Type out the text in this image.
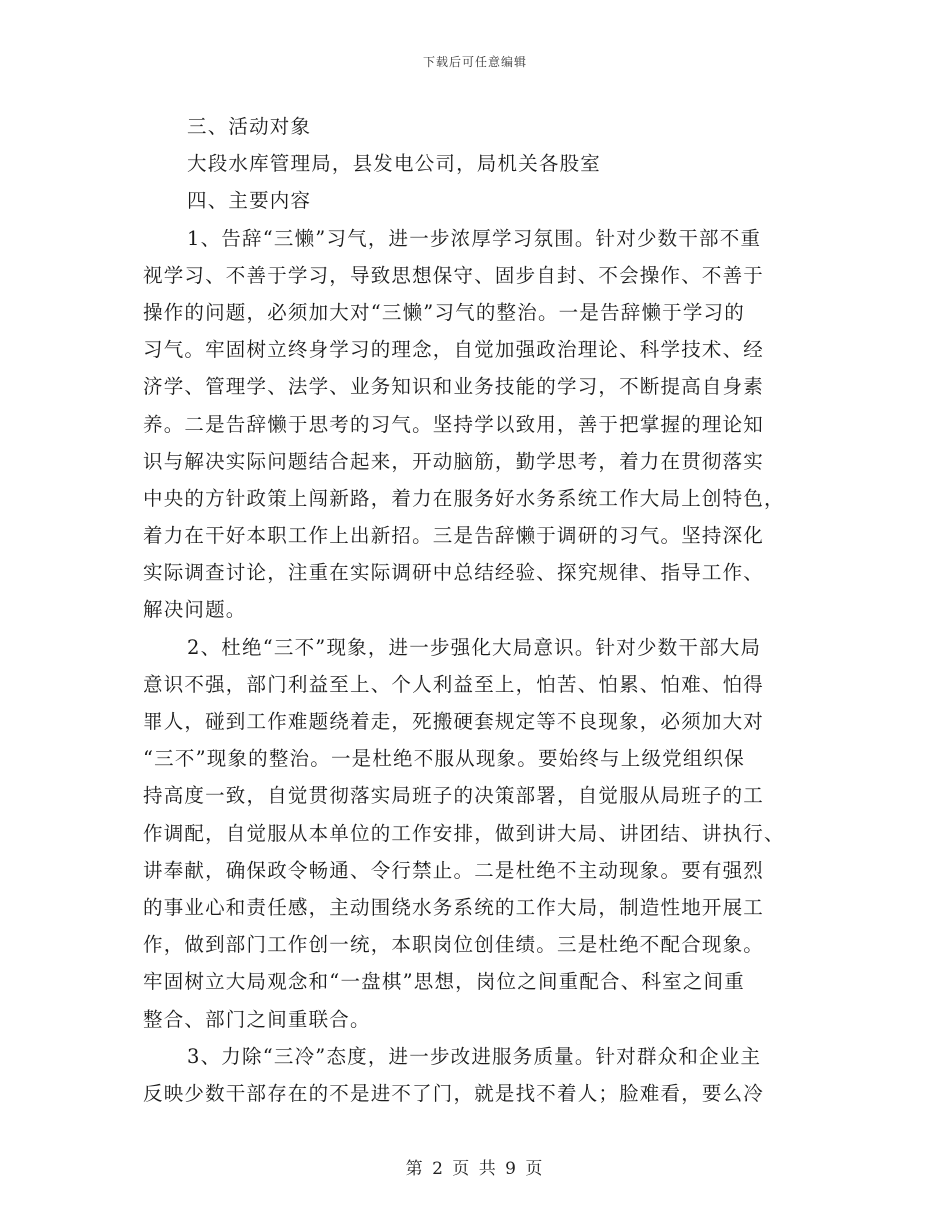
下载后可任意编辑
三、活动对象
大段水库管理局，县发电公司，局机关各股室
四、主要内容
1、告辞“三懒”习气，进一步浓厚学习氛围。针对少数干部不重
视学习、不善于学习，导致思想保守、固步自封、不会操作、不善于
操作的问题，必须加大对“三懒”习气的整治。一是告辞懒于学习的
习气。牢固树立终身学习的理念，自觉加强政治理论、科学技术、经
济学、管理学、法学、业务知识和业务技能的学习，不断提高自身素
养。二是告辞懒于思考的习气。坚持学以致用，善于把掌握的理论知
识与解决实际问题结合起来，开动脑筋，勤学思考，着力在贯彻落实
中央的方针政策上闯新路，着力在服务好水务系统工作大局上创特色，
着力在干好本职工作上出新招。三是告辞懒于调研的习气。坚持深化
实际调查讨论，注重在实际调研中总结经验、探究规律、指导工作、
解决问题。
2、杜绝“三不”现象，进一步强化大局意识。针对少数干部大局
意识不强，部门利益至上、个人利益至上，怕苦、怕累、怕难、怕得
罪人，碰到工作难题绕着走，死搬硬套规定等不良现象，必须加大对
“三不”现象的整治。一是杜绝不服从现象。要始终与上级党组织保
持高度一致，自觉贯彻落实局班子的决策部署，自觉服从局班子的工
作调配，自觉服从本单位的工作安排，做到讲大局、讲团结、讲执行、
讲奉献，确保政令畅通、令行禁止。二是杜绝不主动现象。要有强烈
的事业心和责任感，主动围绕水务系统的工作大局，制造性地开展工
作，做到部门工作创一统，本职岗位创佳绩。三是杜绝不配合现象。
牢固树立大局观念和“一盘棋”思想，岗位之间重配合、科室之间重
整合、部门之间重联合。
3、力除“三冷”态度，进一步改进服务质量。针对群众和企业主
反映少数干部存在的不是进不了门，就是找不着人；脸难看，要么冷
第 2 页 共 9 页
